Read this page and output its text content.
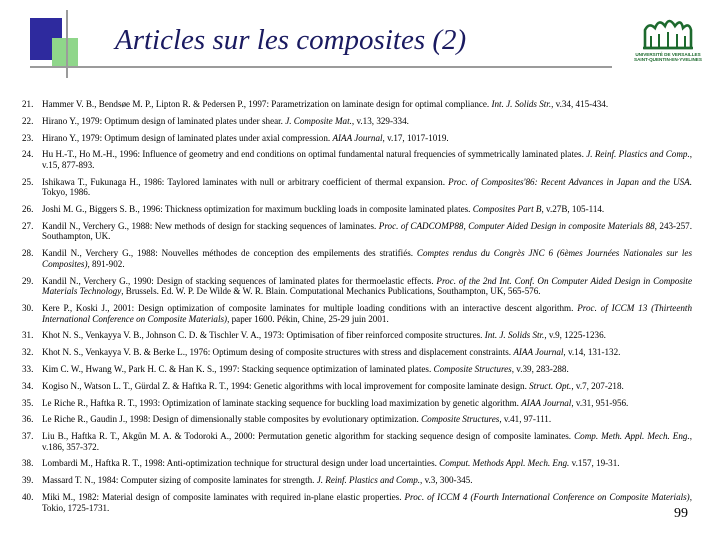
Articles sur les composites (2)	UNIVERSITÉ DE VERSAILLES
SAINT-QUENTIN-EN-YVELINES
21. Hammer V. B., Bendsøe M. P., Lipton R. & Pedersen P., 1997: Parametrization on laminate design for optimal compliance. Int. J. Solids Str., v.34, 415-434.
22. Hirano Y., 1979: Optimum design of laminated plates under shear. J. Composite Mat., v.13, 329-334.
23. Hirano Y., 1979: Optimum design of laminated plates under axial compression. AIAA Journal, v.17, 1017-1019.
24. Hu H.-T., Ho M.-H., 1996: Influence of geometry and end conditions on optimal fundamental natural frequencies of symmetrically laminated plates. J. Reinf. Plastics and Comp., v.15, 877-893.
25. Ishikawa T., Fukunaga H., 1986: Taylored laminates with null or arbitrary coefficient of thermal expansion. Proc. of Composites'86: Recent Advances in Japan and the USA. Tokyo, 1986.
26. Joshi M. G., Biggers S. B., 1996: Thickness optimization for maximum buckling loads in composite laminated plates. Composites Part B, v.27B, 105-114.
27. Kandil N., Verchery G., 1988: New methods of design for stacking sequences of laminates. Proc. of CADCOMP88, Computer Aided Design in composite Materials 88, 243-257. Southampton, UK.
28. Kandil N., Verchery G., 1988: Nouvelles méthodes de conception des empilements des stratifiés. Comptes rendus du Congrès JNC 6 (6èmes Journées Nationales sur les Composites), 891-902.
29. Kandil N., Verchery G., 1990: Design of stacking sequences of laminated plates for thermoelastic effects. Proc. of the 2nd Int. Conf. On Computer Aided Design in Composite Materials Technology, Brussels. Ed. W. P. De Wilde & W. R. Blain. Computational Mechanics Publications, Southampton, UK, 565-576.
30. Kere P., Koski J., 2001: Design optimization of composite laminates for multiple loading conditions with an interactive descent algorithm. Proc. of ICCM 13 (Thirteenth International Conference on Composite Materials), paper 1600. Pékin, Chine, 25-29 juin 2001.
31. Khot N. S., Venkayya V. B., Johnson C. D. & Tischler V. A., 1973: Optimisation of fiber reinforced composite structures. Int. J. Solids Str., v.9, 1225-1236.
32. Khot N. S., Venkayya V. B. & Berke L., 1976: Optimum desing of composite structures with stress and displacement constraints. AIAA Journal, v.14, 131-132.
33. Kim C. W., Hwang W., Park H. C. & Han K. S., 1997: Stacking sequence optimization of laminated plates. Composite Structures, v.39, 283-288.
34. Kogiso N., Watson L. T., Gürdal Z. & Haftka R. T., 1994: Genetic algorithms with local improvement for composite laminate design. Struct. Opt., v.7, 207-218.
35. Le Riche R., Haftka R. T., 1993: Optimization of laminate stacking sequence for buckling load maximization by genetic algorithm. AIAA Journal, v.31, 951-956.
36. Le Riche R., Gaudin J., 1998: Design of dimensionally stable composites by evolutionary optimization. Composite Structures, v.41, 97-111.
37. Liu B., Haftka R. T., Akgün M. A. & Todoroki A., 2000: Permutation genetic algorithm for stacking sequence design of composite laminates. Comp. Meth. Appl. Mech. Eng., v.186, 357-372.
38. Lombardi M., Haftka R. T., 1998: Anti-optimization technique for structural design under load uncertainties. Comput. Methods Appl. Mech. Eng. v.157, 19-31.
39. Massard T. N., 1984: Computer sizing of composite laminates for strength. J. Reinf. Plastics and Comp., v.3, 300-345.
40. Miki M., 1982: Material design of composite laminates with required in-plane elastic properties. Proc. of ICCM 4 (Fourth International Conference on Composite Materials), Tokio, 1725-1731.	99
